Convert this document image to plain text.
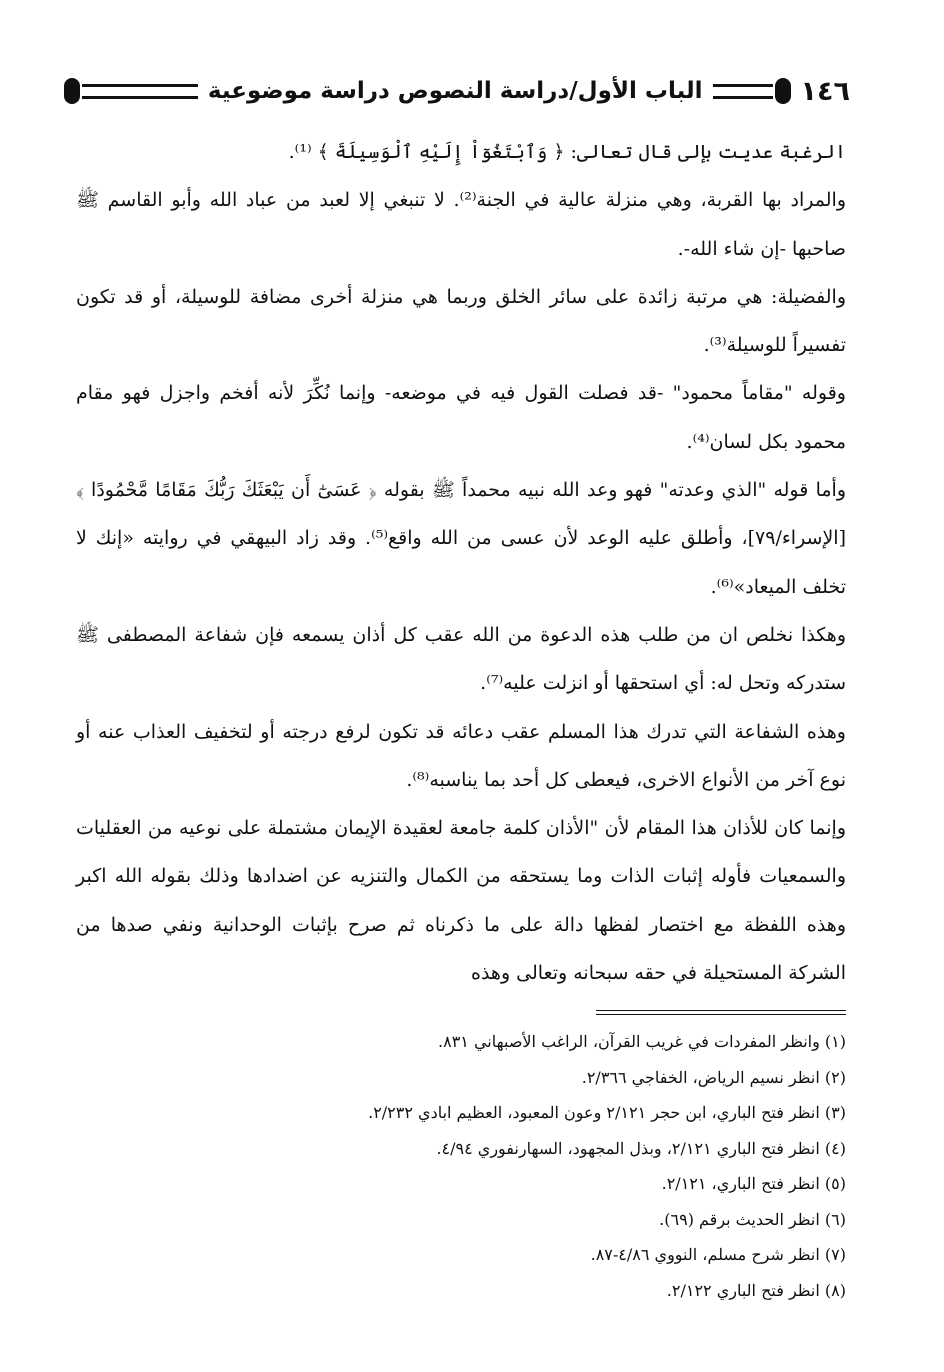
١٤٦
الباب الأول/دراسة النصوص دراسة موضوعية

الرغبة عديت بإلى قال تعالى: ﴿ وَٱبْتَغُوٓاْ إِلَيْهِ ٱلْوَسِيلَةَ ﴾ ⁽¹⁾.

والمراد بها القربة، وهي منزلة عالية في الجنة⁽²⁾. لا تنبغي إلا لعبد من عباد الله وأبو القاسم ﷺ صاحبها -إن شاء الله-.

والفضيلة: هي مرتبة زائدة على سائر الخلق وربما هي منزلة أخرى مضافة للوسيلة، أو قد تكون تفسيراً للوسيلة⁽³⁾.

وقوله "مقاماً محمود" -قد فصلت القول فيه في موضعه- وإنما نُكِّرَ لأنه أفخم واجزل فهو مقام محمود بكل لسان⁽⁴⁾.

وأما قوله "الذي وعدته" فهو وعد الله نبيه محمداً ﷺ بقوله ﴿ عَسَىٰٓ أَن يَبْعَثَكَ رَبُّكَ مَقَامًا مَّحْمُودًا ﴾ [الإسراء/٧٩]، وأطلق عليه الوعد لأن عسى من الله واقع⁽⁵⁾. وقد زاد البيهقي في روايته «إنك لا تخلف الميعاد»⁽⁶⁾.

وهكذا نخلص ان من طلب هذه الدعوة من الله عقب كل أذان يسمعه فإن شفاعة المصطفى ﷺ ستدركه وتحل له: أي استحقها أو انزلت عليه⁽⁷⁾.

وهذه الشفاعة التي تدرك هذا المسلم عقب دعائه قد تكون لرفع درجته أو لتخفيف العذاب عنه أو نوع آخر من الأنواع الاخرى، فيعطى كل أحد بما يناسبه⁽⁸⁾.

وإنما كان للأذان هذا المقام لأن "الأذان كلمة جامعة لعقيدة الإيمان مشتملة على نوعيه من العقليات والسمعيات فأوله إثبات الذات وما يستحقه من الكمال والتنزيه عن اضدادها وذلك بقوله الله اكبر وهذه اللفظة مع اختصار لفظها دالة على ما ذكرناه ثم صرح بإثبات الوحدانية ونفي صدها من الشركة المستحيلة في حقه سبحانه وتعالى وهذه

(١) وانظر المفردات في غريب القرآن، الراغب الأصبهاني ٨٣١.
(٢) انظر نسيم الرياض، الخفاجي ٢/٣٦٦.
(٣) انظر فتح الباري، ابن حجر ٢/١٢١ وعون المعبود، العظيم ابادي ٢/٢٣٢.
(٤) انظر فتح الباري ٢/١٢١، وبذل المجهود، السهارنفوري ٤/٩٤.
(٥) انظر فتح الباري، ٢/١٢١.
(٦) انظر الحديث برقم (٦٩).
(٧) انظر شرح مسلم، النووي ٤/٨٦-٨٧.
(٨) انظر فتح الباري ٢/١٢٢.
